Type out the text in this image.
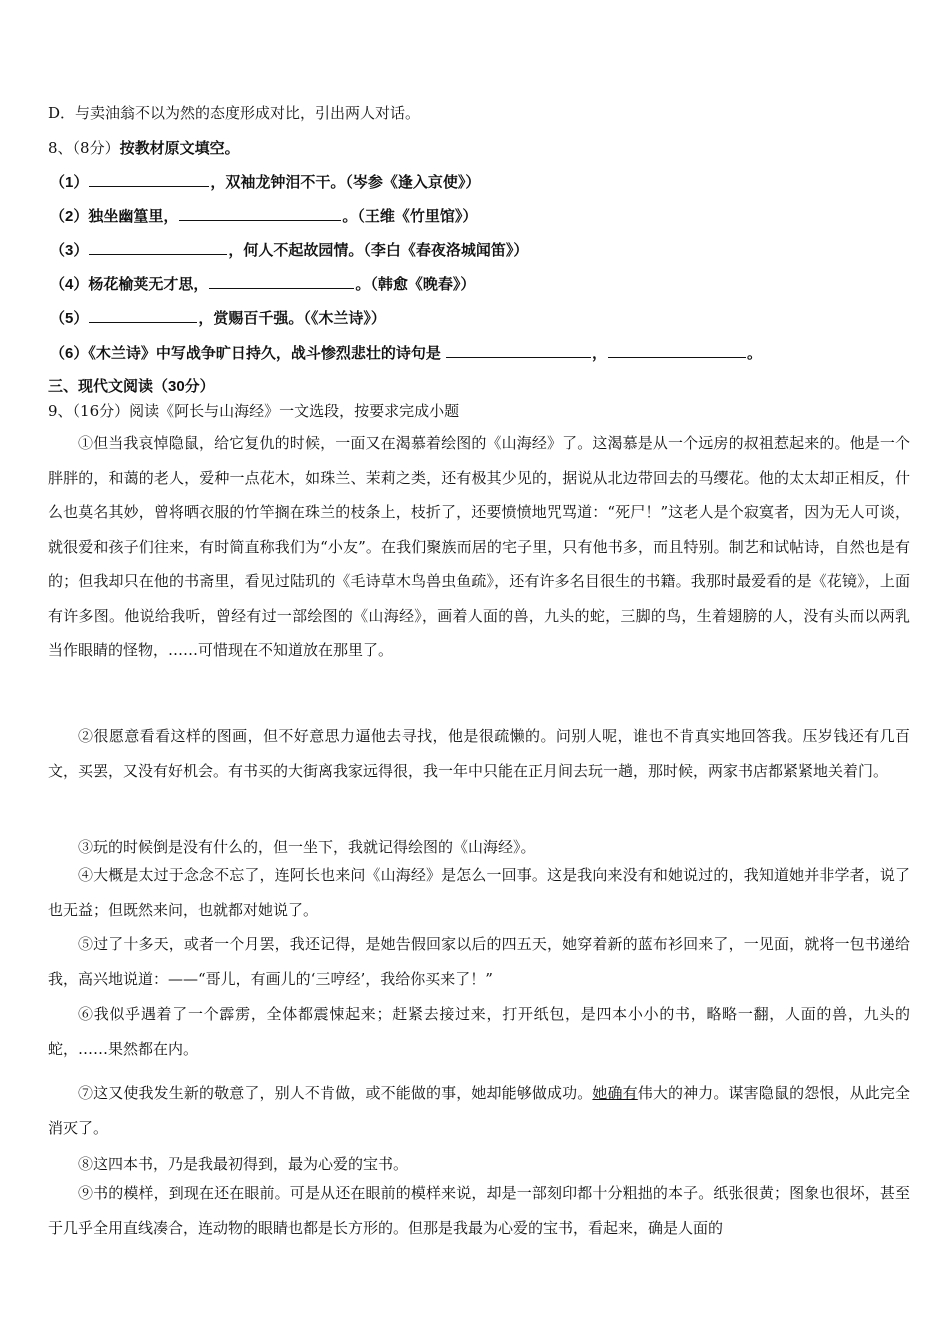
D．与卖油翁不以为然的态度形成对比，引出两人对话。
8、（8分）按教材原文填空。
（1）	，双袖龙钟泪不干。（岑参《逢入京使》）
（2）独坐幽篁里，	。（王维《竹里馆》）
（3）	，何人不起故园情。（李白《春夜洛城闻笛》）
（4）杨花榆荚无才思，	。（韩愈《晚春》）
（5）	，赏赐百千强。（《木兰诗》）
（6）《木兰诗》中写战争旷日持久，战斗惨烈悲壮的诗句是	，	。
三、现代文阅读（30分）
9、（16分）阅读《阿长与山海经》一文选段，按要求完成小题
①但当我哀悼隐鼠，给它复仇的时候，一面又在渴慕着绘图的《山海经》了。这渴慕是从一个远房的叔祖惹起来的。他是一个胖胖的，和蔼的老人，爱种一点花木，如珠兰、茉莉之类，还有极其少见的，据说从北边带回去的马缨花。他的太太却正相反，什么也莫名其妙，曾将晒衣服的竹竿搁在珠兰的枝条上，枝折了，还要愤愤地咒骂道：“死尸！”这老人是个寂寞者，因为无人可谈，就很爱和孩子们往来，有时简直称我们为“小友”。在我们聚族而居的宅子里，只有他书多，而且特别。制艺和试帖诗，自然也是有的；但我却只在他的书斋里，看见过陆玑的《毛诗草木鸟兽虫鱼疏》，还有许多名目很生的书籍。我那时最爱看的是《花镜》，上面有许多图。他说给我听，曾经有过一部绘图的《山海经》，画着人面的兽，九头的蛇，三脚的鸟，生着翅膀的人，没有头而以两乳当作眼睛的怪物，……可惜现在不知道放在那里了。
②很愿意看看这样的图画，但不好意思力逼他去寻找，他是很疏懒的。问别人呢，谁也不肯真实地回答我。压岁钱还有几百文，买罢，又没有好机会。有书买的大街离我家远得很，我一年中只能在正月间去玩一趟，那时候，两家书店都紧紧地关着门。
③玩的时候倒是没有什么的，但一坐下，我就记得绘图的《山海经》。
④大概是太过于念念不忘了，连阿长也来问《山海经》是怎么一回事。这是我向来没有和她说过的，我知道她并非学者，说了也无益；但既然来问，也就都对她说了。
⑤过了十多天，或者一个月罢，我还记得，是她告假回家以后的四五天，她穿着新的蓝布衫回来了，一见面，就将一包书递给我，高兴地说道：——“哥儿，有画儿的‘三哼经’，我给你买来了！”
⑥我似乎遇着了一个霹雳，全体都震悚起来；赶紧去接过来，打开纸包，是四本小小的书，略略一翻，人面的兽，九头的蛇，……果然都在内。
⑦这又使我发生新的敬意了，别人不肯做，或不能做的事，她却能够做成功。她确有伟大的神力。谋害隐鼠的怨恨，从此完全消灭了。
⑧这四本书，乃是我最初得到，最为心爱的宝书。
⑨书的模样，到现在还在眼前。可是从还在眼前的模样来说，却是一部刻印都十分粗拙的本子。纸张很黄；图象也很坏，甚至于几乎全用直线凑合，连动物的眼睛也都是长方形的。但那是我最为心爱的宝书，看起来，确是人面的
